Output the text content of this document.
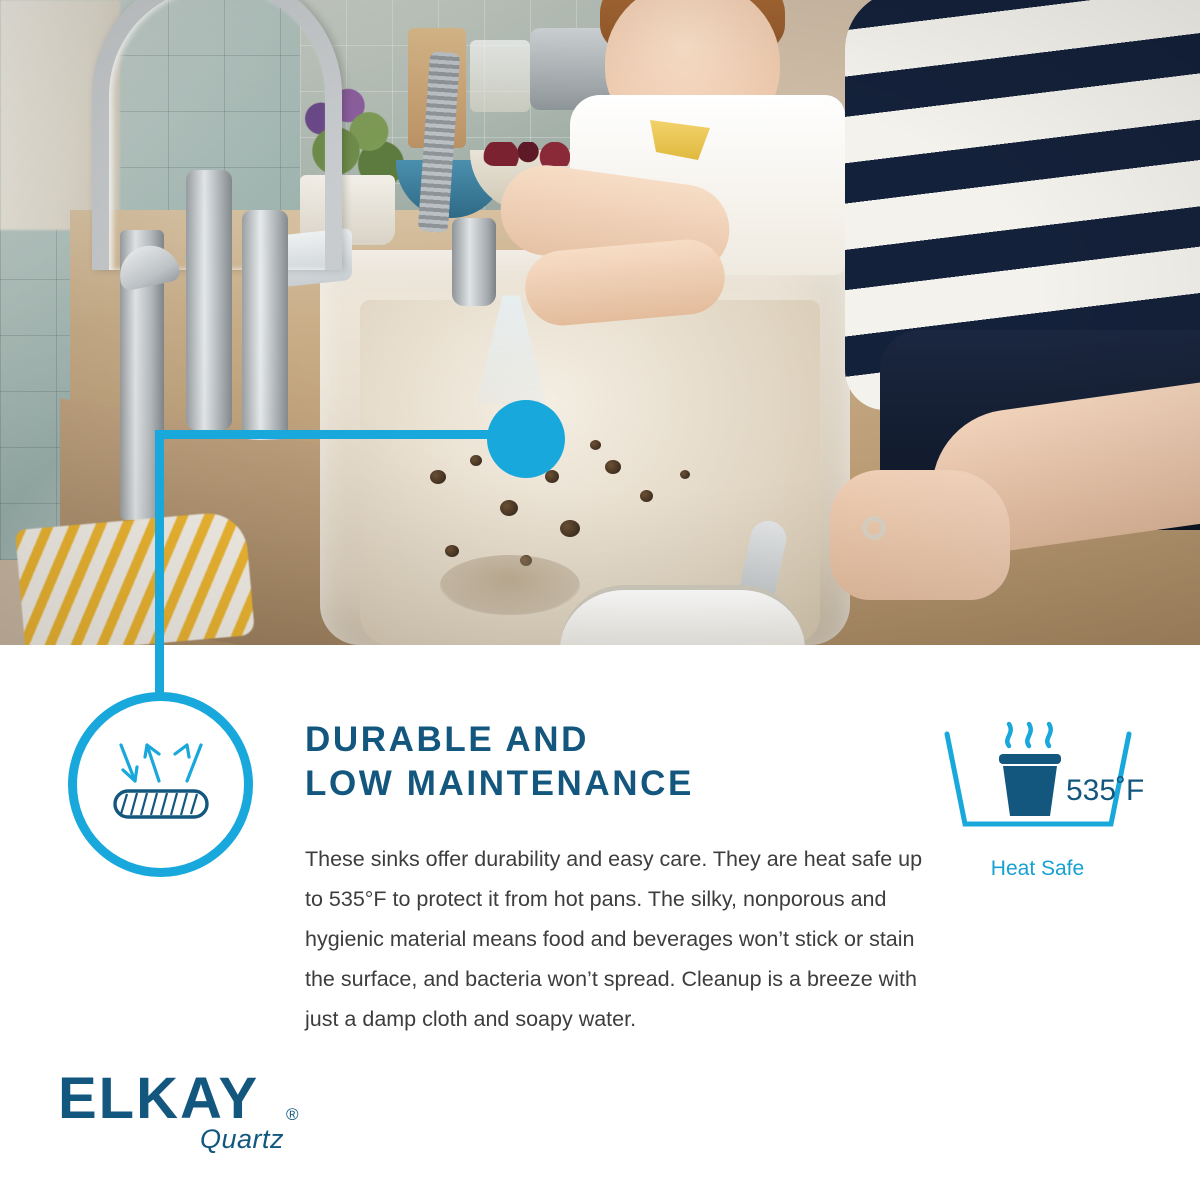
DURABLE AND
LOW MAINTENANCE

These sinks offer durability and easy care. They are heat safe up to 535°F to protect it from hot pans. The silky, nonporous and hygienic material means food and beverages won’t stick or stain the surface, and bacteria won’t spread. Cleanup is a breeze with just a damp cloth and soapy water.

535˚F
Heat Safe
ELKAY ®
Quartz
